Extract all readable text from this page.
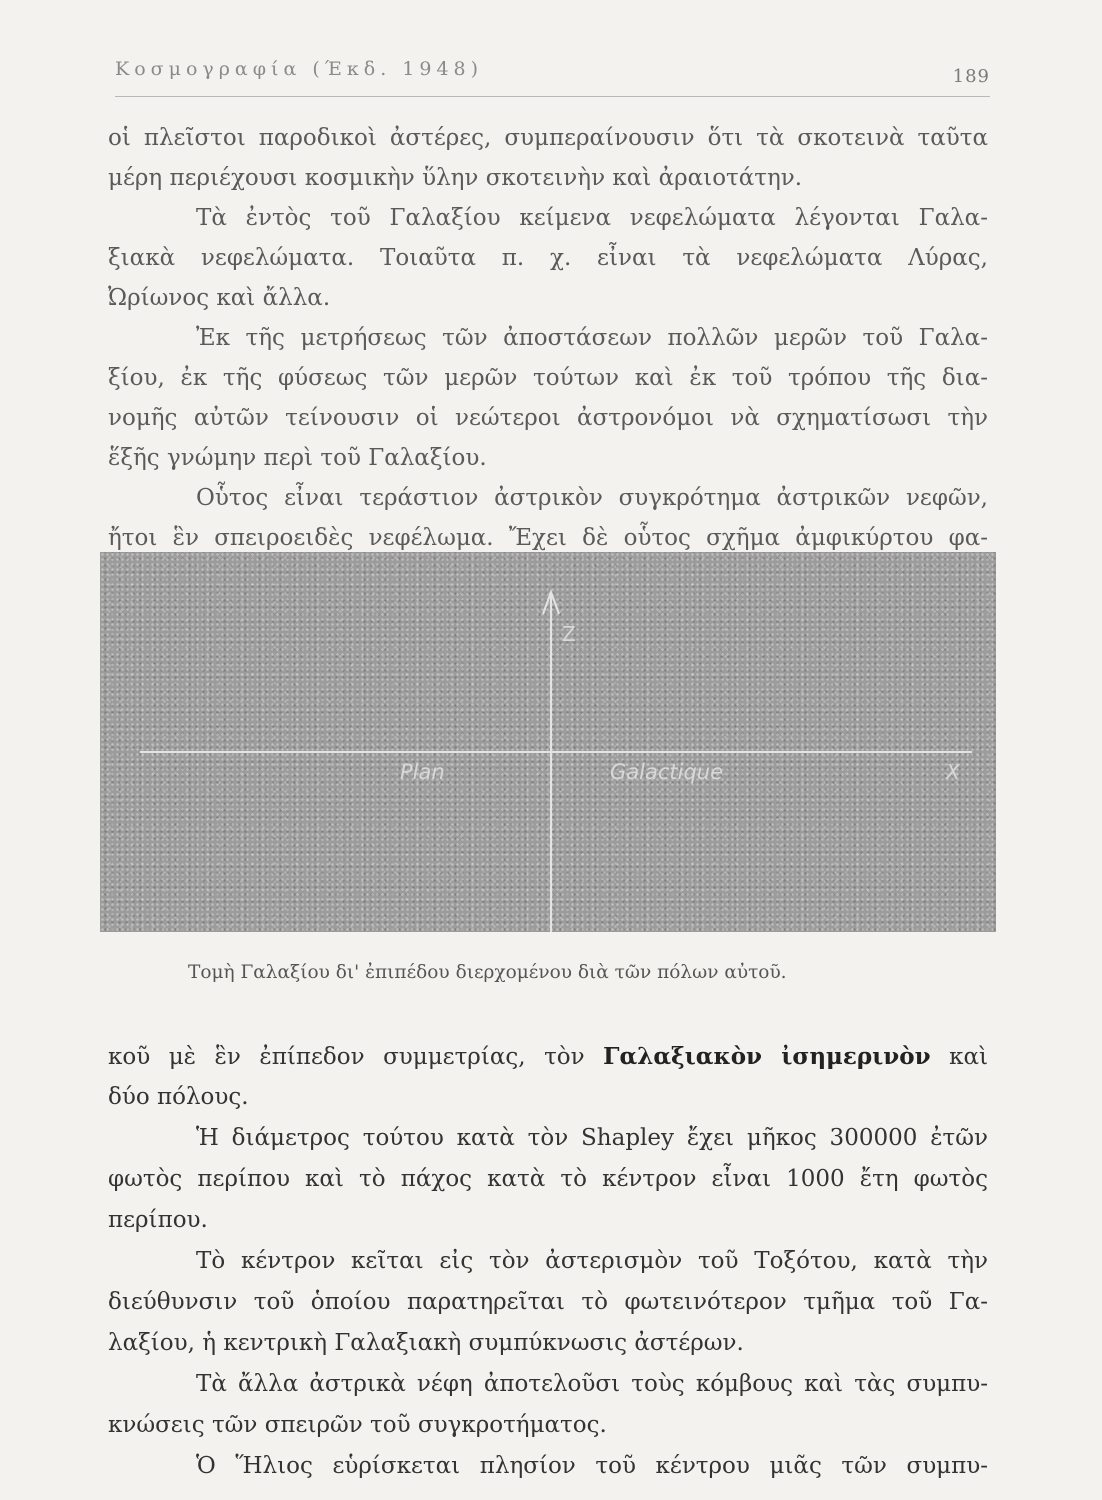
Κοσμογραφία (Έκδ. 1948)	189
οἱ πλεῖστοι παροδικοὶ ἀστέρες, συμπεραίνουσιν ὅτι τὰ σκοτεινὰ ταῦτα
μέρη περιέχουσι κοσμικὴν ὕλην σκοτεινὴν καὶ ἀραιοτάτην.
Τὰ ἐντὸς τοῦ Γαλαξίου κείμενα νεφελώματα λέγονται Γαλα-
ξιακὰ νεφελώματα. Τοιαῦτα π. χ. εἶναι τὰ νεφελώματα Λύρας,
Ὠρίωνος καὶ ἄλλα.
Ἐκ τῆς μετρήσεως τῶν ἀποστάσεων πολλῶν μερῶν τοῦ Γαλα-
ξίου, ἐκ τῆς φύσεως τῶν μερῶν τούτων καὶ ἐκ τοῦ τρόπου τῆς δια-
νομῆς αὐτῶν τείνουσιν οἱ νεώτεροι ἀστρονόμοι νὰ σχηματίσωσι τὴν
ἕξῆς γνώμην περὶ τοῦ Γαλαξίου.
Οὗτος εἶναι τεράστιον ἀστρικὸν συγκρότημα ἀστρικῶν νεφῶν,
ἤτοι ἓν σπειροειδὲς νεφέλωμα. Ἔχει δὲ οὗτος σχῆμα ἀμφικύρτου φα-
Z
Plan	Galactique	X
Τομὴ Γαλαξίου δι' ἐπιπέδου διερχομένου διὰ τῶν πόλων αὐτοῦ.
κοῦ μὲ ἓν ἐπίπεδον συμμετρίας, τὸν Γαλαξιακὸν ἰσημερινὸν καὶ
δύο πόλους.
Ἡ διάμετρος τούτου κατὰ τὸν Shapley ἔχει μῆκος 300000 ἐτῶν
φωτὸς περίπου καὶ τὸ πάχος κατὰ τὸ κέντρον εἶναι 1000 ἔτη φωτὸς
περίπου.
Τὸ κέντρον κεῖται εἰς τὸν ἀστερισμὸν τοῦ Τοξότου, κατὰ τὴν
διεύθυνσιν τοῦ ὁποίου παρατηρεῖται τὸ φωτεινότερον τμῆμα τοῦ Γα-
λαξίου, ἡ κεντρικὴ Γαλαξιακὴ συμπύκνωσις ἀστέρων.
Τὰ ἄλλα ἀστρικὰ νέφη ἀποτελοῦσι τοὺς κόμβους καὶ τὰς συμπυ-
κνώσεις τῶν σπειρῶν τοῦ συγκροτήματος.
Ὁ Ἥλιος εὑρίσκεται πλησίον τοῦ κέντρου μιᾶς τῶν συμπυ-
